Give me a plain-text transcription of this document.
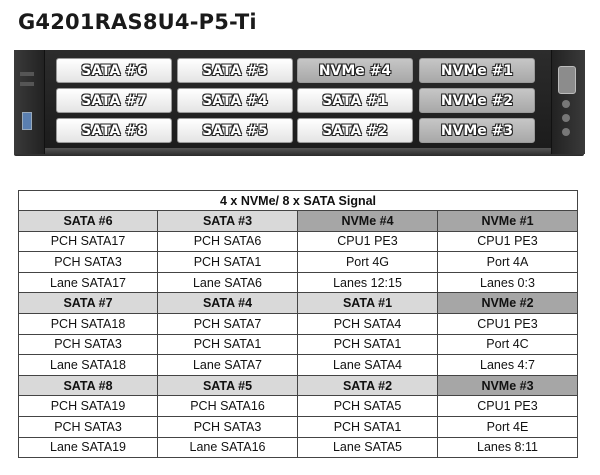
G4201RAS8U4-P5-Ti
SATA #6	SATA #3	NVMe #4	NVMe #1
SATA #7	SATA #4	SATA #1	NVMe #2
SATA #8	SATA #5	SATA #2	NVMe #3
4 x NVMe/ 8 x SATA Signal			
SATA #6	SATA #3	NVMe #4	NVMe #1
PCH SATA17	PCH SATA6	CPU1 PE3	CPU1 PE3
PCH SATA3	PCH SATA1	Port 4G	Port 4A
Lane SATA17	Lane SATA6	Lanes 12:15	Lanes 0:3
SATA #7	SATA #4	SATA #1	NVMe #2
PCH SATA18	PCH SATA7	PCH SATA4	CPU1 PE3
PCH SATA3	PCH SATA1	PCH SATA1	Port 4C
Lane SATA18	Lane SATA7	Lane SATA4	Lanes 4:7
SATA #8	SATA #5	SATA #2	NVMe #3
PCH SATA19	PCH SATA16	PCH SATA5	CPU1 PE3
PCH SATA3	PCH SATA3	PCH SATA1	Port 4E
Lane SATA19	Lane SATA16	Lane SATA5	Lanes 8:11
